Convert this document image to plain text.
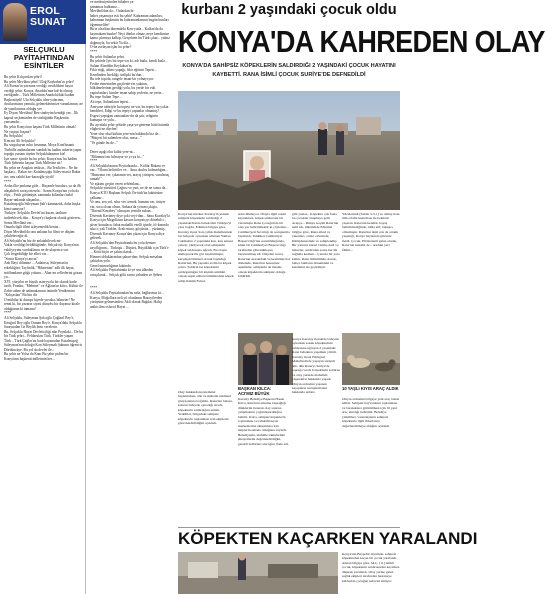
EROL
SUNAT
SELÇUKLU
PAYİTAHTINDAN
ESİNTİLER
Bu şehir Kılıçarslan şehri!
Bu şehir Mevlâna şehri! Ulağ Kaykubat'ın şehri!
Ali Esenar'ın yazısına verdiği, nesiklikten hayat verdiği şehir. Konya, Anadolu'nun kal-bi olmuş; ezeliğinde... Türk Milletinin Anadolu'daki kadim Başkentiydi! Ulu Selçuklu idea-yolarının, dostlarımızın yamalıı, geleneklerimize varanlarının, ne de yazıtlarımız olduğu yer.
Ey Diyarı Mevlâna! Ben sindeyim kendiği yer... İlk kapsul seçkimizden de sözlüğüdür Başkentin yansımıdır...
Bu şehir Konya'nın başına Türk Milletinin olmak!
Ne yaşayıt başına?
Bu Selçuklu!
Kim mi Ali Selçuklu?
Bu sorguluyun ruhu fırsanma, Moya Konflusantı Türkülle andınalarımı sunduk bu kadim askerin yapın topoğu yurtam tüyüm Selçuklularımın biz!
İşte sınav içindir bu bu şehir; Konya'nın, bu kadim Türk Şehrinin başına Türk Milletine ait!
Bu şehir ne Arapları tetiksir... Bu Tesilirler... Ne bir başkası... Bakın ise; Kutalmışoğu Süley-man'a Bakın ise; onu sahibi kaz-karaoğlu yiydi!
****
Ardın ilke pınlama göle... Haçamle buraları, ya da ilk ulaşabileri savaşı mesela... Sonra Konya'nın yolu da ölçü... Fetih görünüşte, zamanda kıllanları bakil Bayar-unlanda ulaşanlar...
Kutalmışoğlu Süleyman Şah'ı kanmaztık, daha başka kimi sunuyuz?
Türkiye: Selçuklu Devlet'ini kuran, tarihine indireklecek dün... Konya'yı başkent olarak gösteren...
Sonra Mevlânâ var...
Onunla ilgili filmi izleyemedik henüz...
Diyar Mevlânâ'da onu anlatan bu filmi ve düşüm çekilebeceğiz di.
Ali Selçuklu'nu biz de anlatabilecek mi-
Vakfa verildigi beldülüğünde, Selçuk tüy Konya'nın vakfiyeyımı vurduklarını ne de ulaşrınca var.
Çok fergedülüğe bir elbet var...
"Sonra Konya'yı ancın"
Anlı Bayi dilimine ... Anlatırsa, Süleyman'ın erkekliğini; Tayfinlik, "Hilmenim" adlı ilk hayat, mülfumların göğü yolunu... Alan-an cellerlerini gözarı yu...
XVI. yüzyılın ee büyük asteryyolu bir olarak kadır tarifi; Frankır, "Mehmet" ve Ağlaan'ın kılıcı, Kültür ile Zahir sahne de anlamalarının önünde Yenikemini "Kılıçaslan" Bu bin dir
O mübilar ki duruşu kiyede yırsaka, bilmeter! Ne renni ki, bir yazarın siyasi dünyâsı bir duyanız kirale olduğunun ki tamamı!
****
Ali Selçuklu, Süleyman Şah oğlu Çağlarıl Bey'e, Ertuğrul Bey oğlu Osman Bey'e, Konya'daki Selçuklu Sarayından Ge Beylik lerin verelerin.
Bu, Selçuklu Hayat Devleticiliği nün Peynlaki... De bu bir Türk şehri... Feldaruları Türk. Türkler yapan Türk... Türk Çağlar'ını kadı hayatından Kutalmışoğ Süleyman'nın doluğu Kon Süleymalı Şahının öğrencis Dördüncüye. Bu yol da devlet ile...
Bu şehir ne Yolsa da Kanı Bu şehir pidim bir Konya'nın başkenti milletinin her...
ve medeniyetinden bihaber ya-
şamamaz halkımız...
Mevlânâ'dan da... Onlardan bi-
haber yaşamaya esti bu şehir! Kahraman adamları, kahraman başkentin bu kahramanlarının bugün bunları öğrenmeliler!
Biriz olsa'dan dinemdeki Kon-yuda... Kalkın'da da kaymakam bunlar! Neyi öbnlar olmaz, neye kendimize kama çıkmaya kalkıp, Gerçekten bu Türk çıkar... yalnız doğmuyla, bu sekiz Ya üla...
O-ba zorlayan işbu bu şehir?
****
Bu şehir Sultanlar şehri.
Bu şehirde İyis bir tepe var ki, adı butlu, kendi hızla...
Sultan Alaeddin Keykubat'ın,
Fikir etiği, ahlasi yapağı, fikir eğitimi Tepesi...
Kendinden İstekliği, ürilipki bu'dun...
Bu tele topolu, rangele insan-lar yolnaycyor.
Fetihe etmesinden geçilenle-rin yakıtını, bilkilmelerinin gerdiği yolu, bu yerde bir vuli yaptırlanları, kimler insan sahip yerlerin, ne yerin...
Bu tepe Sultan Tepe...
Ah tepe, Sultanların tepesi...
Amiyane tabiriyle bu tepeyi ne var, bu tepeyi bu yokta kendileri, Edigi ve bu tepeyi yapanlar olmamış?
Esgezi yaptığım zamandan-dır da şair, rehginin kumaşın ve yolu...
Bu ayrıdaki şehir şehirde yaşa-ya-geneme bütü hatında eligbeti ne diyrfen!
Yeter olur okul kültün yere-nin hakkında biz de...
"Bütçesi bü zalemlere olur, mesa..."
"Ve günde bu de..."

Derer aşağı olur kültü yere-ni...
"Bilinmezi mi bilmiyor ve yı-ya ki..."
****
Ali Selçuklulasının Poyttahtında... Kültür Bakanı ve var..."Okuru belirttiler ve... Ama okulcu kalmadığını...
"Hazırının ver, çıkaranın ver, arayış yürüşen, vurulmuş ramak!"
Ve aşkımı geçtin veren sehfeulanı...
Selçuklu yürütücü Çağrısı ve yurt, ne de ne sonra da...
Konya KTO Başkanı Selçuk Öz-türk'ün kaktüsüne çalkanır...
Ve onu, sen yol, sıkır ver, trenek, hamam var, ürüyer var, soca olsun olsun, Ankara'da yorum çıkışta, "Dirend Kavabey" olmayan yemdir sukun...
Divends Kavaney diye şoki veyi-dan... Sana Kavalay'la Konya için Mogolların kasvas konyatçıyı dönebilci ; şiiser konulaca; fakat mahallii ezelli içinde, ifi-kınında sıkıcı; yak Türkler, Aralı-ntına, göçtüsüz... yürümüş;
Divends Kavaney Konya'dan çıkan için Konya diye geleeek.
Ali Selçuklu'dan Payttahtında bu yolu dersine zayıflığının... Türküşü... Düşürü, Büyüklük için Türk'e ... Kötü hiçin ve şahin olarak...
Hizmet olduklarından şahun-dan; Selçuk mesahan çaktırlan yolu.
Genel mimarlığının kakinda:
Ali Selçuklu Payttahtında ki-ye sen ülkeden ortaçılarak... Selçuk gölü sonra yahuden ve Şehen

****
Ali Selçuklu Payttahtından bu nela, bağlarımız ki...
Konya, Moğollara neli yıl olunlannı Hazoyilerden yürüyüne gelmesinden; Akli olarak Bağdat, Haliçi anthicilim oslucul Hayat ...
kurbanı 2 yaşındaki çocuk oldu
KONYA'DA KAHREDEN OLAY
KONYA'DA SAHİPSİZ KÖPEKLERİN SALDIRDIĞI 2 YAŞINDAKİ ÇOCUK HAYATINI KAYBETTİ. RANA İSİMLİ ÇOCUK SURİYE'DE DEFNEDİLDİ
Konya'nın merkez Karatay ilçesinde sahipsiz köpeklerin saldırdığı 2 yaşındaki Rabia bebek tüm Türkiye'yi yasa boğdu. Edinilen bilgiye göre, Karatay ilçesi Sara yıllık mahallesinde bir bahçede oynarken tellenen Yaman Cakmak'ın 2 yaşındaki kızı, kızı annesi yatırdı, yürüyecek olan sahiplerin köpek saldırısına uğradı. Bu olayın etkileyerek ilk göz başlatılmıştır, karşılaşlı bilimsel olarak başladığı Rabia'nın, Bu yapanla evdin bu köpek çokta. Saldırın ise köpeklerin saldırganlığını bir kişinin sahibini olarak tespit edilen bölümlerdeki köpek sahip Rahim Faisal.
sıdar ülküsıyor. Ölayla ilgili resmi kaynaklara, köpek saldırısını bir vatandaşın Rana Çocuğu'nda bir olay yer belirtilmektir ki çöylenler... Cumhuriyeti Savcılığı de soruşturma başlatıldı. Tahkikat Cumhuriyet Başsavcılığı'nın sorumluluğunda, kinin bir Cumhuriyet Başsavcılığı tarafından güvenilmeyen başvurulmuş idi. Olaydan sonra, Rana'nın sırasındaki ve kesintisiz hal dönemde, Rana'nın haseretsiz aşanlıklar, sahiplerin de mesele olarak köpeklerin sahipsiz olduğu bildirildi.
gibi yazlar... Köpekler çok fazla bu çocuklar oluşmaya gelir Arapça... Dünya Geçim Rana'nın ismi adı, ülkemizde Edinilen bilgiye göre, Rana ailesi ve yakınları, onları evlerinde, Kütüphanesinde ve sahiplenmiş. Bir yabancı kartal varmış dedi ve haberler, saldırıdan sonra her ilk sağlıkla kısmen... Çaresiz bir yara kalktı. Rana öldürülmüş olacak, bahçe bunların dönemdeki ve kendisini ele geçirmişti.
Yüzelerindi (Sabah 3-3-1) ve olmuş ilanı tüm ortamı kıstırması ile beklenti yaşatan. Rana'nın kendisi, hayaş belirtilmediğinde, iddia etti; bulaşıcı olmamıştır. Rana'nın ikizi çok da ortamı yaşattığı, Konya hayatında güvenle ilerdi. Çocuk, Elbistanetti gelen olarak, Rana'nın kendisi de... aradaki yeri Ölüm...
BAŞKAN KILCA:
ACI'MIZ BÜYÜK
10 YAŞLI KIYIS ARAÇ ALDIK
Karatay Belediye Başkanı Hasan Kılca, Rana'nın ailesine başsağlığı dileklerini ileterek olay sonrası çalışmaların yoğunlaştırıldığını belirtti. Kılca, sahipsiz köpeklerin toplanması ve rehabilitasyon merkezlerine aktarılması için ekiplerin sahada olduğunu söyledi. Belediyenin, mahalle sakinlerinin şikayetlerini değerlendirdiğini, gerekli tedbirleri alacağını ifade etti.
Konya Karatay ilçesinde bahçede oynarken sokak köpeklerinin saldırısına uğrayan 2 yaşındaki Rana bebekten yaşamını yitirdi. Karatay ilçesi Emirgazi Mahallesi'nde yaşayan suriyeli aile, dün Rana'yı Suriye'de toprağa verdi. Köpeklerin saldırısı ve olay yerinde mahalleli yaşananlar hakkında yaşadı. Olayın ardından yaşanan kayıpların soruşturmaları hakkında anlattı.
Olay hakkında incelemeler başlatılırken, aile ve mahalle sakinleri gözyaşlarına boğuldu. Rana'nın babası, kızının bahçede oynadığı sırada köpeklerin saldırdığını anlattı. Yetkililer, bölgedeki sahipsiz köpeklerin toplanması için ekiplerin görevlendirildiğini açıkladı.
Olayın ardından bölgeye yeni araç tahsis edildi. Sahipsiz hayvanların toplanması ve barınaklara götürülmesi için 10 yeni araç alındığı belirtildi. Belediye yetkilileri, vatandaşların sahipsiz köpeklerle ilgili ihbarlarını değerlendirmeye aldığını açıkladı.
KÖPEKTEN KAÇARKEN YARALANDI
Konya'nın Beyşehir ilçesinde, sahipsiz köpeklerden kaçan bir çocuk yaralandı. Alınan bilgiye göre, M.Ç. (11) isimli çocuk, köpeklerin saldırısından kaçarken düşerek yaralandı. Olay yerine gelen sağlık ekipleri tarafından hastaneye kaldırılan çocuğun tedavisi sürüyor.
